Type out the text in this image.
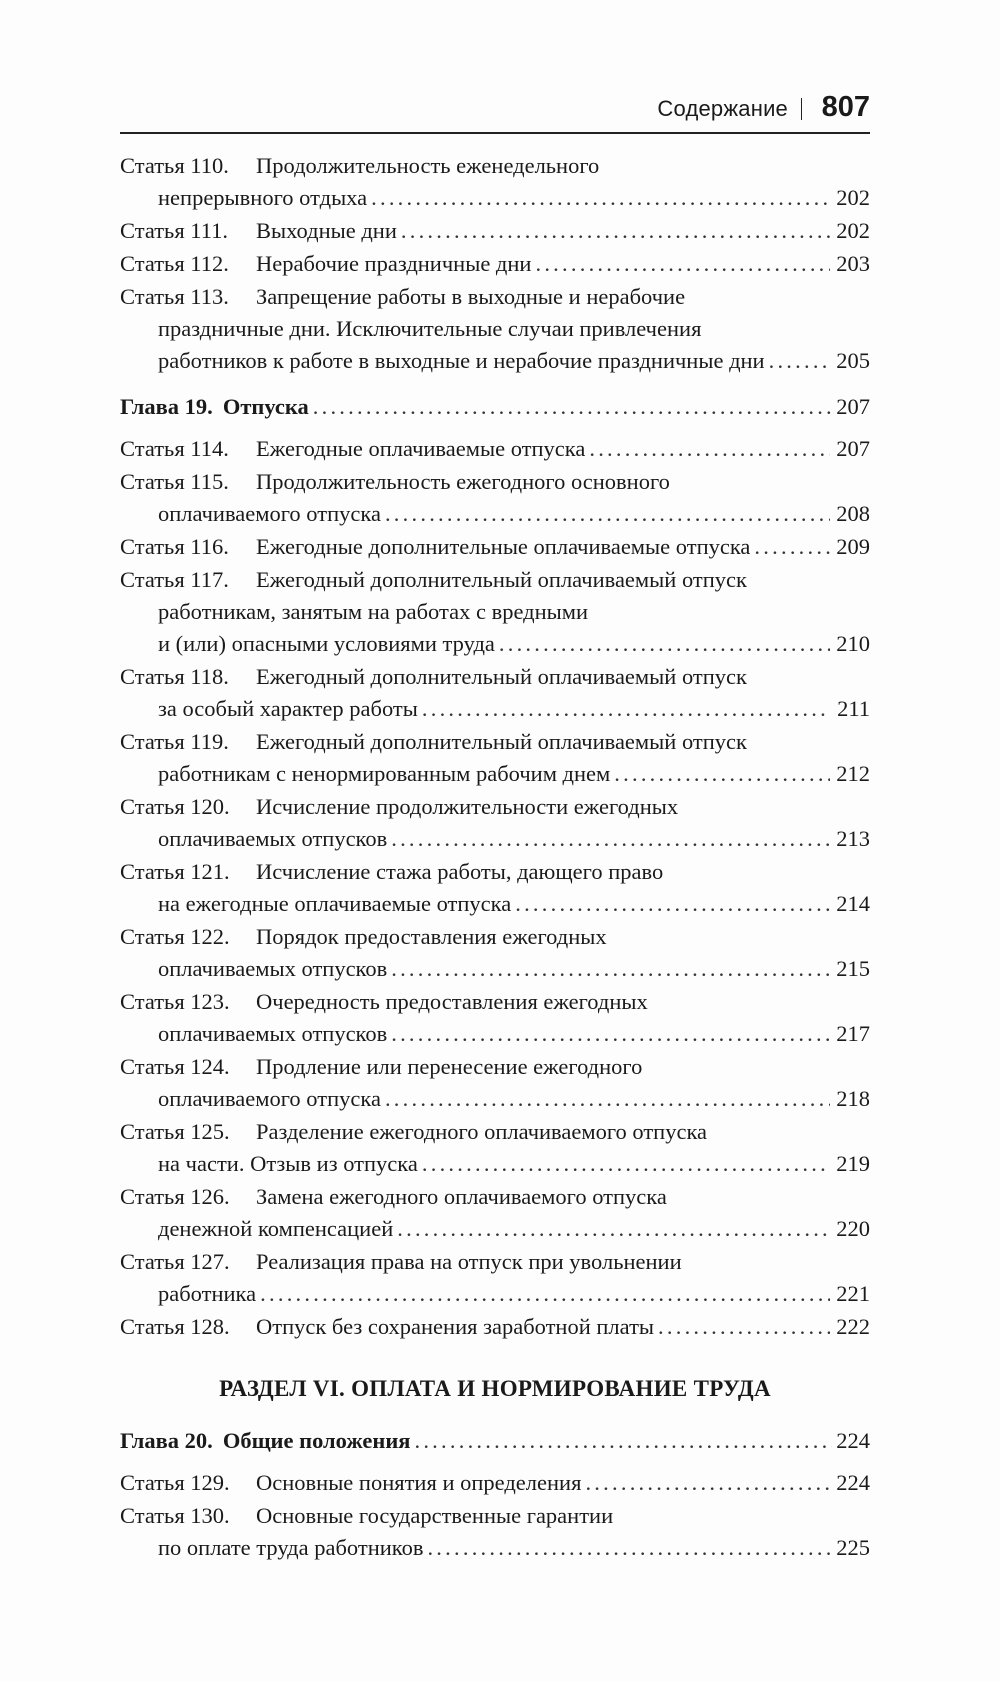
Содержание 807
Статья 110.	Продолжительность еженедельного
непрерывного отдыха . . .	202
Статья 111.	Выходные дни . . .	202
Статья 112.	Нерабочие праздничные дни . . .	203
Статья 113.	Запрещение работы в выходные и нерабочие
праздничные дни. Исключительные случаи привлечения
работников к работе в выходные и нерабочие праздничные дни . . .	205
Глава 19. Отпуска . . .	207
Статья 114.	Ежегодные оплачиваемые отпуска . . .	207
Статья 115.	Продолжительность ежегодного основного
оплачиваемого отпуска . . .	208
Статья 116.	Ежегодные дополнительные оплачиваемые отпуска . . .	209
Статья 117.	Ежегодный дополнительный оплачиваемый отпуск
работникам, занятым на работах с вредными
и (или) опасными условиями труда . . .	210
Статья 118.	Ежегодный дополнительный оплачиваемый отпуск
за особый характер работы . . .	211
Статья 119.	Ежегодный дополнительный оплачиваемый отпуск
работникам с ненормированным рабочим днем . . .	212
Статья 120.	Исчисление продолжительности ежегодных
оплачиваемых отпусков . . .	213
Статья 121.	Исчисление стажа работы, дающего право
на ежегодные оплачиваемые отпуска . . .	214
Статья 122.	Порядок предоставления ежегодных
оплачиваемых отпусков . . .	215
Статья 123.	Очередность предоставления ежегодных
оплачиваемых отпусков . . .	217
Статья 124.	Продление или перенесение ежегодного
оплачиваемого отпуска . . .	218
Статья 125.	Разделение ежегодного оплачиваемого отпуска
на части. Отзыв из отпуска . . .	219
Статья 126.	Замена ежегодного оплачиваемого отпуска
денежной компенсацией . . .	220
Статья 127.	Реализация права на отпуск при увольнении
работника . . .	221
Статья 128.	Отпуск без сохранения заработной платы . . .	222
РАЗДЕЛ VI. ОПЛАТА И НОРМИРОВАНИЕ ТРУДА
Глава 20. Общие положения . . .	224
Статья 129.	Основные понятия и определения . . .	224
Статья 130.	Основные государственные гарантии
по оплате труда работников . . .	225
